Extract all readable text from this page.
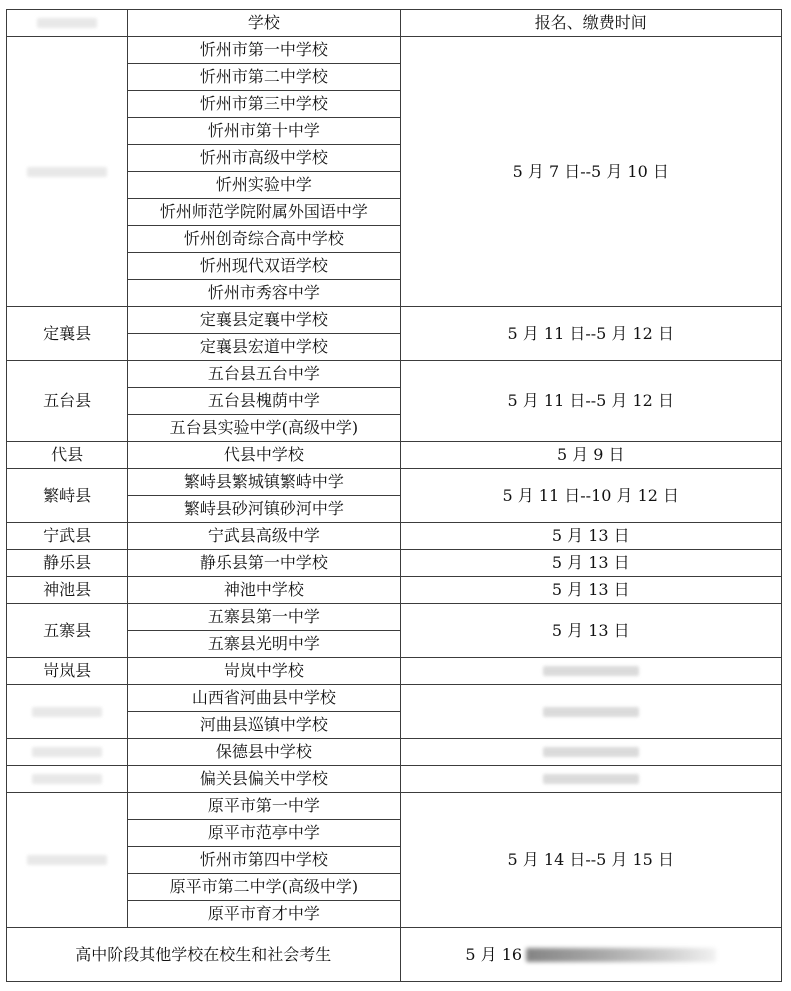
	学校	报名、缴费时间
	忻州市第一中学校	5 月 7 日--5 月 10 日
	忻州市第二中学校	
	忻州市第三中学校	
	忻州市第十中学	
	忻州市高级中学校	
	忻州实验中学	
	忻州师范学院附属外国语中学	
	忻州创奇综合高中学校	
	忻州现代双语学校	
	忻州市秀容中学	
定襄县	定襄县定襄中学校	5 月 11 日--5 月 12 日
	定襄县宏道中学校	
五台县	五台县五台中学	5 月 11 日--5 月 12 日
	五台县槐荫中学	
	五台县实验中学(高级中学)	
代县	代县中学校	5 月 9 日
繁峙县	繁峙县繁城镇繁峙中学	5 月 11 日--10 月 12 日
	繁峙县砂河镇砂河中学	
宁武县	宁武县高级中学	5 月 13 日
静乐县	静乐县第一中学校	5 月 13 日
神池县	神池中学校	5 月 13 日
五寨县	五寨县第一中学	5 月 13 日
	五寨县光明中学	
岢岚县	岢岚中学校	
	山西省河曲县中学校	
	河曲县巡镇中学校	
	保德县中学校	
	偏关县偏关中学校	
	原平市第一中学	5 月 14 日--5 月 15 日
	原平市范亭中学	
	忻州市第四中学校	
	原平市第二中学(高级中学)	
	原平市育才中学	
高中阶段其他学校在校生和社会考生		5 月 16
